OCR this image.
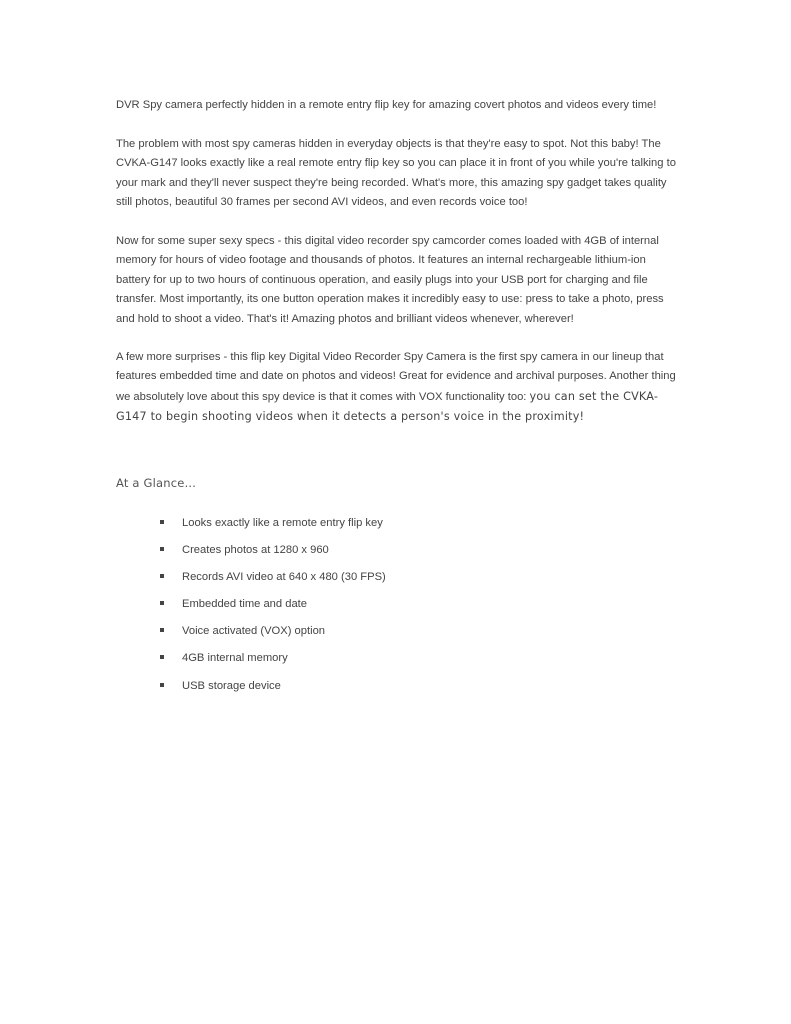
DVR Spy camera perfectly hidden in a remote entry flip key for amazing covert photos and videos every time!

The problem with most spy cameras hidden in everyday objects is that they're easy to spot. Not this baby! The CVKA-G147 looks exactly like a real remote entry flip key so you can place it in front of you while you're talking to your mark and they'll never suspect they're being recorded. What's more, this amazing spy gadget takes quality still photos, beautiful 30 frames per second AVI videos, and even records voice too!

Now for some super sexy specs - this digital video recorder spy camcorder comes loaded with 4GB of internal memory for hours of video footage and thousands of photos. It features an internal rechargeable lithium-ion battery for up to two hours of continuous operation, and easily plugs into your USB port for charging and file transfer. Most importantly, its one button operation makes it incredibly easy to use: press to take a photo, press and hold to shoot a video. That's it! Amazing photos and brilliant videos whenever, wherever!

A few more surprises - this flip key Digital Video Recorder Spy Camera is the first spy camera in our lineup that features embedded time and date on photos and videos! Great for evidence and archival purposes. Another thing we absolutely love about this spy device is that it comes with VOX functionality too: you can set the CVKA-G147 to begin shooting videos when it detects a person's voice in the proximity!

At a Glance...

Looks exactly like a remote entry flip key
Creates photos at 1280 x 960
Records AVI video at 640 x 480 (30 FPS)
Embedded time and date
Voice activated (VOX) option
4GB internal memory
USB storage device
